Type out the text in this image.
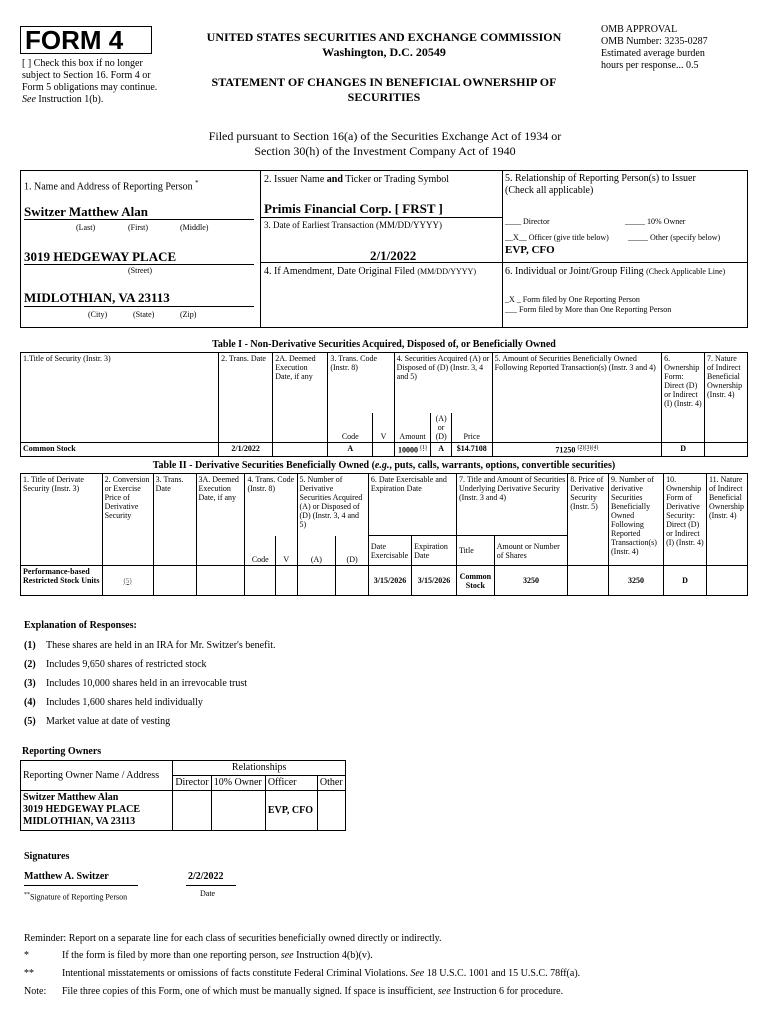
FORM 4
[ ] Check this box if no longer subject to Section 16. Form 4 or Form 5 obligations may continue. See Instruction 1(b).
UNITED STATES SECURITIES AND EXCHANGE COMMISSION
Washington, D.C. 20549
STATEMENT OF CHANGES IN BENEFICIAL OWNERSHIP OF
SECURITIES
OMB APPROVAL
OMB Number: 3235-0287
Estimated average burden
hours per response... 0.5
Filed pursuant to Section 16(a) of the Securities Exchange Act of 1934 or
Section 30(h) of the Investment Company Act of 1940
1. Name and Address of Reporting Person *
Switzer Matthew Alan
(Last)	(First)	(Middle)
3019 HEDGEWAY PLACE
(Street)
MIDLOTHIAN, VA 23113
(City)	(State)	(Zip)
2. Issuer Name and Ticker or Trading Symbol
Primis Financial Corp. [ FRST ]
3. Date of Earliest Transaction (MM/DD/YYYY)
2/1/2022
4. If Amendment, Date Original Filed (MM/DD/YYYY)
5. Relationship of Reporting Person(s) to Issuer
(Check all applicable)
____ Director	_____ 10% Owner
__X__ Officer (give title below) _____ Other (specify below)
EVP, CFO
6. Individual or Joint/Group Filing (Check Applicable Line)
_X _ Form filed by One Reporting Person
___ Form filed by More than One Reporting Person
Table I - Non-Derivative Securities Acquired, Disposed of, or Beneficially Owned
1.Title of Security (Instr. 3)	2. Trans. Date	2A. Deemed Execution Date, if any	3. Trans. Code (Instr. 8)		4. Securities Acquired (A) or Disposed of (D) (Instr. 3, 4 and 5)			5. Amount of Securities Beneficially Owned Following Reported Transaction(s) (Instr. 3 and 4)	6. Ownership Form: Direct (D) or Indirect (I) (Instr. 4)	7. Nature of Indirect Beneficial Ownership (Instr. 4)
			Code	V	Amount	(A) or (D)	Price			
Common Stock	2/1/2022		A		10000 $^{(1)}$	A	$14.7108	71250 $^{(2)(3)(4)}$	D	
Table II - Derivative Securities Beneficially Owned (e.g., puts, calls, warrants, options, convertible securities)
1. Title of Derivate Security (Instr. 3)	2. Conversion or Exercise Price of Derivative Security	3. Trans. Date	3A. Deemed Execution Date, if any	4. Trans. Code (Instr. 8)		5. Number of Derivative Securities Acquired (A) or Disposed of (D) (Instr. 3, 4 and 5)		6. Date Exercisable and Expiration Date		7. Title and Amount of Securities Underlying Derivative Security (Instr. 3 and 4)		8. Price of Derivative Security (Instr. 5)	9. Number of derivative Securities Beneficially Owned Following Reported Transaction(s) (Instr. 4)	10. Ownership Form of Derivative Security: Direct (D) or Indirect (I) (Instr. 4)	11. Nature of Indirect Beneficial Ownership (Instr. 4)
				Code	V	(A)	(D)	Date Exercisable	Expiration Date	Title	Amount or Number of Shares				
Performance-based Restricted Stock Units	(5)							3/15/2026	3/15/2026	Common Stock	3250		3250	D	
Explanation of Responses:
(1) These shares are held in an IRA for Mr. Switzer's benefit.
(2) Includes 9,650 shares of restricted stock
(3) Includes 10,000 shares held in an irrevocable trust
(4) Includes 1,600 shares held individually
(5) Market value at date of vesting
Reporting Owners
Reporting Owner Name / Address	Relationships			
	Director	10% Owner	Officer	Other

Switzer Matthew Alan
3019 HEDGEWAY PLACE
MIDLOTHIAN, VA 23113			EVP, CFO	
Signatures
Matthew A. Switzer	2/2/2022
**Signature of Reporting Person	Date
Reminder: Report on a separate line for each class of securities beneficially owned directly or indirectly.
*	If the form is filed by more than one reporting person, see Instruction 4(b)(v).
**	Intentional misstatements or omissions of facts constitute Federal Criminal Violations. See 18 U.S.C. 1001 and 15 U.S.C. 78ff(a).
Note: File three copies of this Form, one of which must be manually signed. If space is insufficient, see Instruction 6 for procedure.
